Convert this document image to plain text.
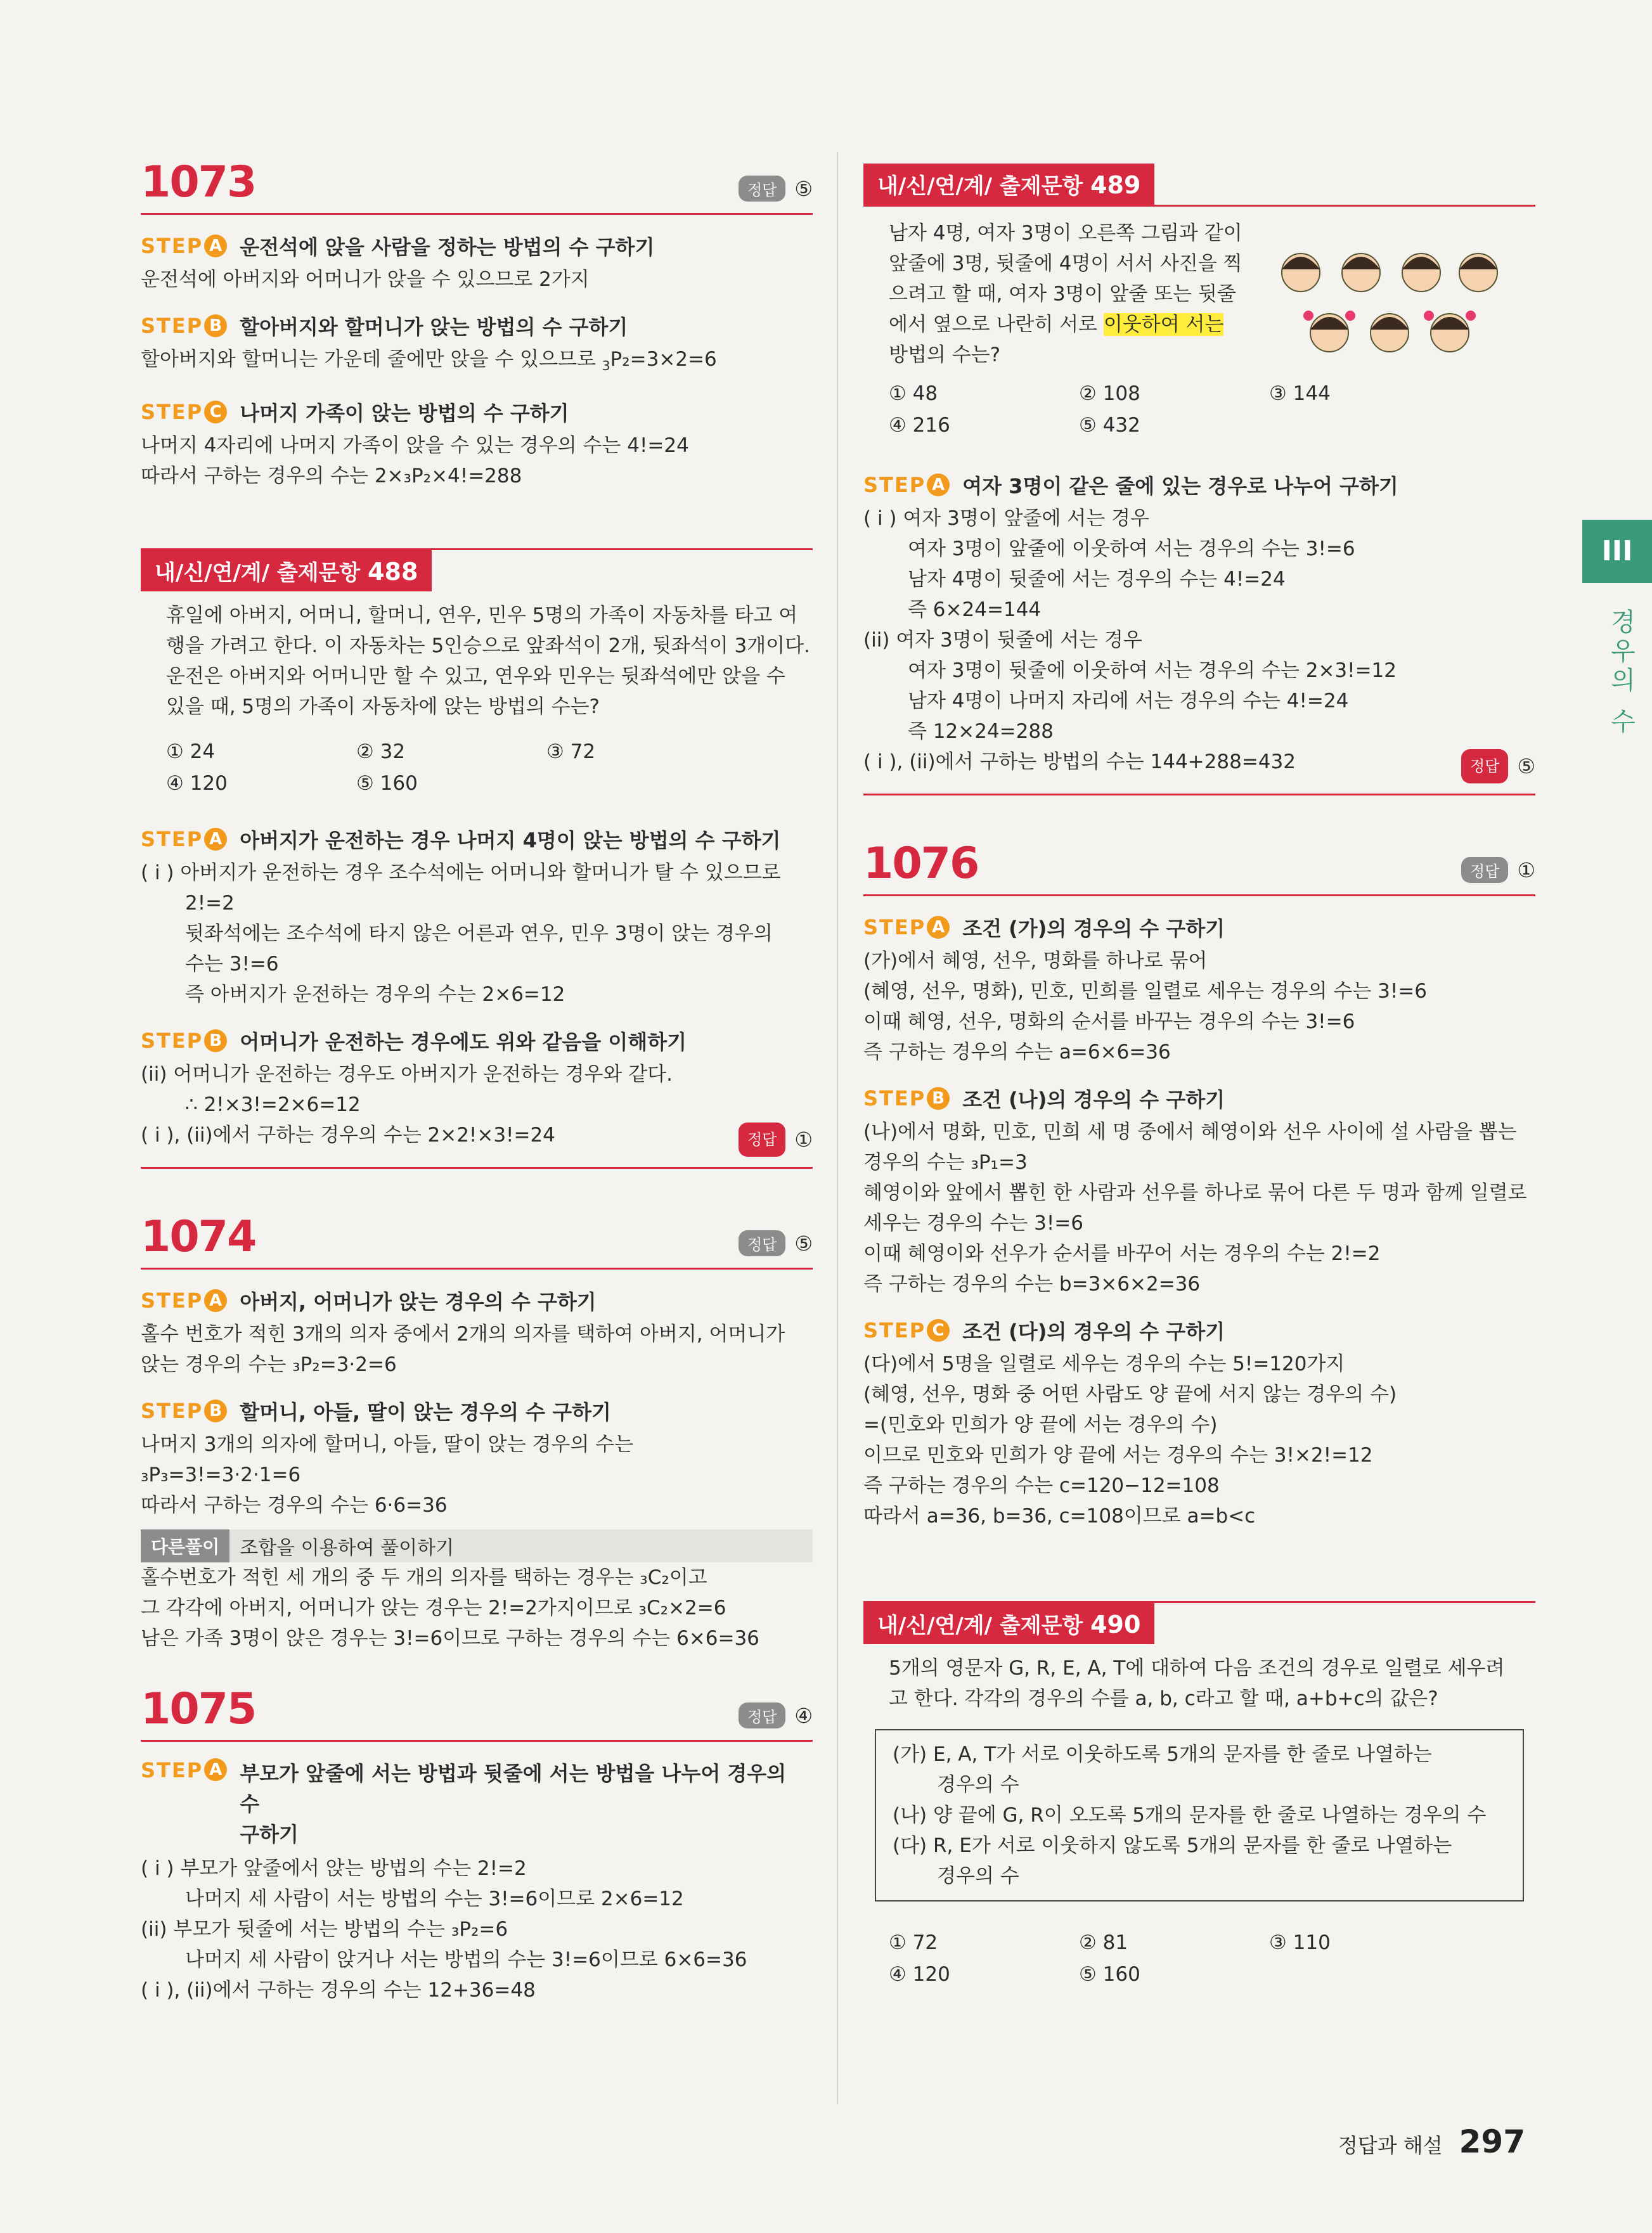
III
경우의 수
1073	정답 ⑤
STEP A 운전석에 앉을 사람을 정하는 방법의 수 구하기
운전석에 아버지와 어머니가 앉을 수 있으므로 2가지
STEP B 할아버지와 할머니가 앉는 방법의 수 구하기
할아버지와 할머니는 가운데 줄에만 앉을 수 있으므로 $_3$P₂=3×2=6
STEP C 나머지 가족이 앉는 방법의 수 구하기
나머지 4자리에 나머지 가족이 앉을 수 있는 경우의 수는 4!=24
따라서 구하는 경우의 수는 2×₃P₂×4!=288
내/신/연/계/ 출제문항 488
휴일에 아버지, 어머니, 할머니, 연우, 민우 5명의 가족이 자동차를 타고 여
행을 가려고 한다. 이 자동차는 5인승으로 앞좌석이 2개, 뒷좌석이 3개이다.
운전은 아버지와 어머니만 할 수 있고, 연우와 민우는 뒷좌석에만 앉을 수
있을 때, 5명의 가족이 자동차에 앉는 방법의 수는?
① 24	② 32	③ 72
④ 120	⑤ 160
STEP A 아버지가 운전하는 경우 나머지 4명이 앉는 방법의 수 구하기
( i ) 아버지가 운전하는 경우 조수석에는 어머니와 할머니가 탈 수 있으므로
2!=2
뒷좌석에는 조수석에 타지 않은 어른과 연우, 민우 3명이 앉는 경우의
수는 3!=6
즉 아버지가 운전하는 경우의 수는 2×6=12
STEP B 어머니가 운전하는 경우에도 위와 같음을 이해하기
(ii) 어머니가 운전하는 경우도 아버지가 운전하는 경우와 같다.
∴ 2!×3!=2×6=12
( i ), (ii)에서 구하는 경우의 수는 2×2!×3!=24	정답 ①
1074	정답 ⑤
STEP A 아버지, 어머니가 앉는 경우의 수 구하기
홀수 번호가 적힌 3개의 의자 중에서 2개의 의자를 택하여 아버지, 어머니가
앉는 경우의 수는 ₃P₂=3·2=6
STEP B 할머니, 아들, 딸이 앉는 경우의 수 구하기
나머지 3개의 의자에 할머니, 아들, 딸이 앉는 경우의 수는
₃P₃=3!=3·2·1=6
따라서 구하는 경우의 수는 6·6=36
다른풀이	조합을 이용하여 풀이하기
홀수번호가 적힌 세 개의 중 두 개의 의자를 택하는 경우는 ₃C₂이고
그 각각에 아버지, 어머니가 앉는 경우는 2!=2가지이므로 ₃C₂×2=6
남은 가족 3명이 앉은 경우는 3!=6이므로 구하는 경우의 수는 6×6=36
1075	정답 ④
STEP A 부모가 앞줄에 서는 방법과 뒷줄에 서는 방법을 나누어 경우의 수
구하기
( i ) 부모가 앞줄에서 앉는 방법의 수는 2!=2
나머지 세 사람이 서는 방법의 수는 3!=6이므로 2×6=12
(ii) 부모가 뒷줄에 서는 방법의 수는 ₃P₂=6
나머지 세 사람이 앉거나 서는 방법의 수는 3!=6이므로 6×6=36
( i ), (ii)에서 구하는 경우의 수는 12+36=48
내/신/연/계/ 출제문항 489
남자 4명, 여자 3명이 오른쪽 그림과 같이
앞줄에 3명, 뒷줄에 4명이 서서 사진을 찍
으려고 할 때, 여자 3명이 앞줄 또는 뒷줄
에서 옆으로 나란히 서로 이웃하여 서는
방법의 수는?
① 48	② 108	③ 144
④ 216	⑤ 432
STEP A 여자 3명이 같은 줄에 있는 경우로 나누어 구하기
( i ) 여자 3명이 앞줄에 서는 경우
여자 3명이 앞줄에 이웃하여 서는 경우의 수는 3!=6
남자 4명이 뒷줄에 서는 경우의 수는 4!=24
즉 6×24=144
(ii) 여자 3명이 뒷줄에 서는 경우
여자 3명이 뒷줄에 이웃하여 서는 경우의 수는 2×3!=12
남자 4명이 나머지 자리에 서는 경우의 수는 4!=24
즉 12×24=288
( i ), (ii)에서 구하는 방법의 수는 144+288=432	정답 ⑤
1076	정답 ①
STEP A 조건 (가)의 경우의 수 구하기
(가)에서 혜영, 선우, 명화를 하나로 묶어
(혜영, 선우, 명화), 민호, 민희를 일렬로 세우는 경우의 수는 3!=6
이때 혜영, 선우, 명화의 순서를 바꾸는 경우의 수는 3!=6
즉 구하는 경우의 수는 a=6×6=36
STEP B 조건 (나)의 경우의 수 구하기
(나)에서 명화, 민호, 민희 세 명 중에서 혜영이와 선우 사이에 설 사람을 뽑는
경우의 수는 ₃P₁=3
혜영이와 앞에서 뽑힌 한 사람과 선우를 하나로 묶어 다른 두 명과 함께 일렬로
세우는 경우의 수는 3!=6
이때 혜영이와 선우가 순서를 바꾸어 서는 경우의 수는 2!=2
즉 구하는 경우의 수는 b=3×6×2=36
STEP C 조건 (다)의 경우의 수 구하기
(다)에서 5명을 일렬로 세우는 경우의 수는 5!=120가지
(혜영, 선우, 명화 중 어떤 사람도 양 끝에 서지 않는 경우의 수)
=(민호와 민희가 양 끝에 서는 경우의 수)
이므로 민호와 민희가 양 끝에 서는 경우의 수는 3!×2!=12
즉 구하는 경우의 수는 c=120−12=108
따라서 a=36, b=36, c=108이므로 a=b<c
내/신/연/계/ 출제문항 490
5개의 영문자 G, R, E, A, T에 대하여 다음 조건의 경우로 일렬로 세우려
고 한다. 각각의 경우의 수를 a, b, c라고 할 때, a+b+c의 값은?
(가) E, A, T가 서로 이웃하도록 5개의 문자를 한 줄로 나열하는
경우의 수
(나) 양 끝에 G, R이 오도록 5개의 문자를 한 줄로 나열하는 경우의 수
(다) R, E가 서로 이웃하지 않도록 5개의 문자를 한 줄로 나열하는
경우의 수
① 72	② 81	③ 110
④ 120	⑤ 160
정답과 해설 297
